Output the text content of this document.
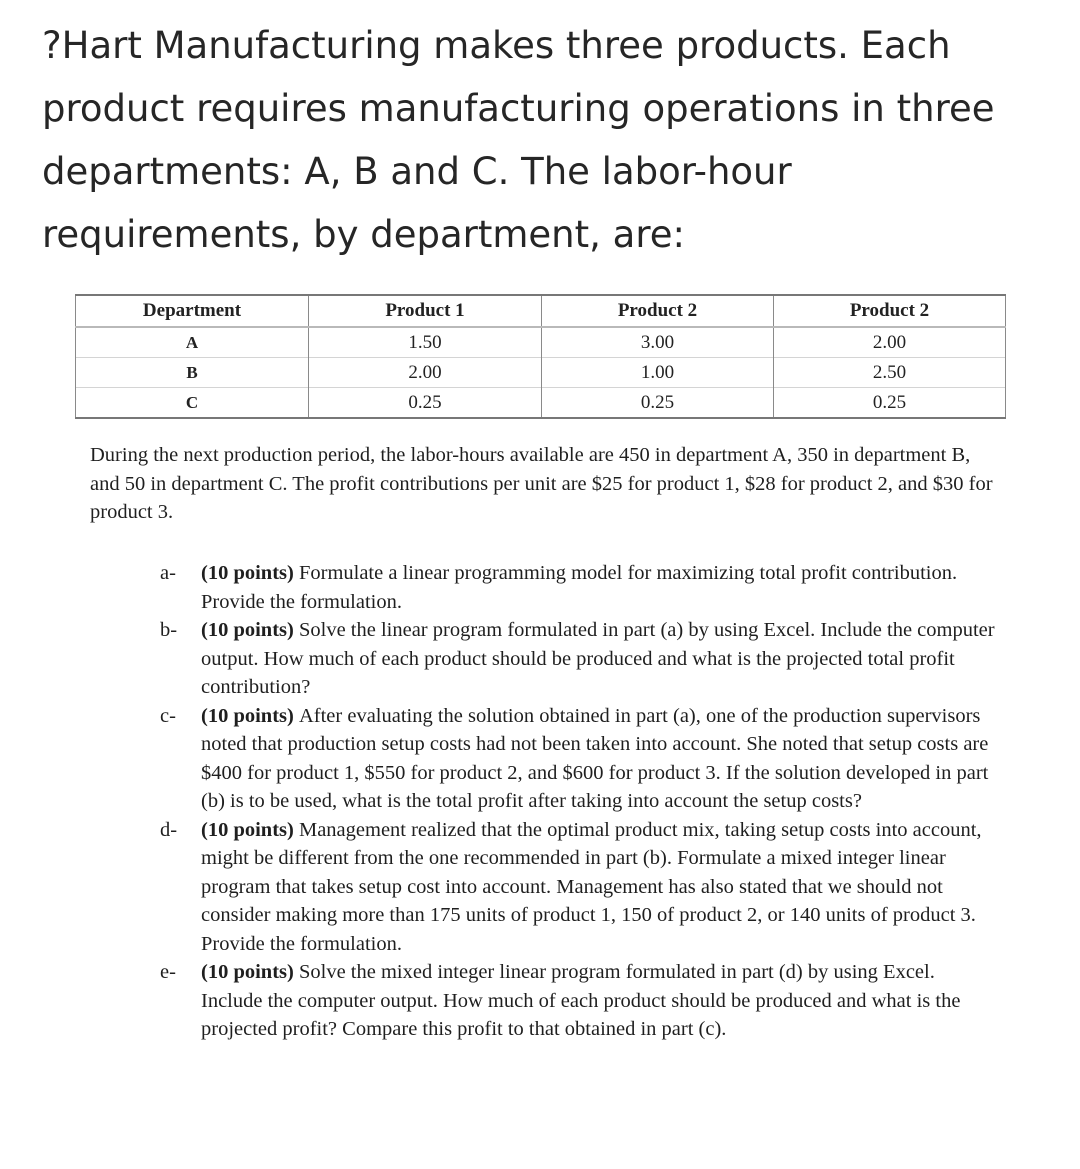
?Hart Manufacturing makes three products. Each product requires manufacturing operations in three departments: A, B and C. The labor-hour requirements, by department, are:
Department	Product 1	Product 2	Product 2
A	1.50	3.00	2.00
B	2.00	1.00	2.50
C	0.25	0.25	0.25

During the next production period, the labor-hours available are 450 in department A, 350 in department B, and 50 in department C. The profit contributions per unit are $25 for product 1, $28 for product 2, and $30 for product 3.

a- (10 points) Formulate a linear programming model for maximizing total profit contribution. Provide the formulation.
b- (10 points) Solve the linear program formulated in part (a) by using Excel. Include the computer output. How much of each product should be produced and what is the projected total profit contribution?
c- (10 points) After evaluating the solution obtained in part (a), one of the production supervisors noted that production setup costs had not been taken into account. She noted that setup costs are $400 for product 1, $550 for product 2, and $600 for product 3. If the solution developed in part (b) is to be used, what is the total profit after taking into account the setup costs?
d- (10 points) Management realized that the optimal product mix, taking setup costs into account, might be different from the one recommended in part (b). Formulate a mixed integer linear program that takes setup cost into account. Management has also stated that we should not consider making more than 175 units of product 1, 150 of product 2, or 140 units of product 3. Provide the formulation.
e- (10 points) Solve the mixed integer linear program formulated in part (d) by using Excel. Include the computer output. How much of each product should be produced and what is the projected profit? Compare this profit to that obtained in part (c).
